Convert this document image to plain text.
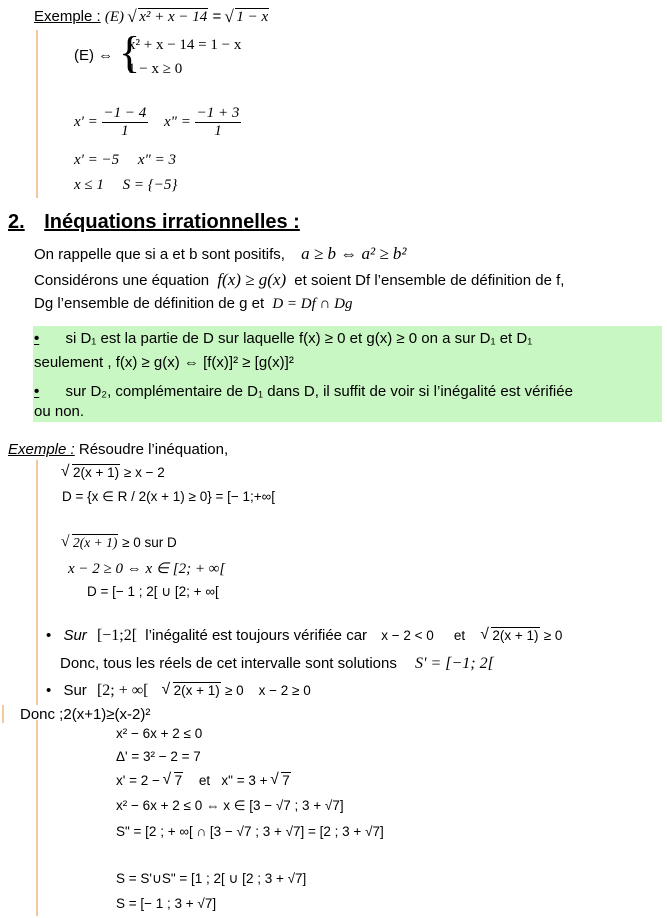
Exemple : (E) √ x² + x − 14 = √ 1 − x
(E) ⇔ {
x² + x − 14 = 1 − x
1 − x ≥ 0
$x' = \frac{-1 - 4}{1} x$" = $\frac{-1 + 3}{1}$
x' = −5     x" = 3
x ≤ 1     S = {−5}
2. Inéquations irrationnelles :
On rappelle que si a et b sont positifs, a ≥ b ⇔ a² ≥ b²
Considérons une équation f(x) ≥ g(x) et soient Df l’ensemble de définition de f,
Dg l’ensemble de définition de g et D = Df ∩ Dg
• si D₁ est la partie de D sur laquelle f(x) ≥ 0 et g(x) ≥ 0 on a sur D₁ et D₁
seulement , f(x) ≥ g(x) ⇔ [f(x)]² ≥ [g(x)]²
• sur D₂, complémentaire de D₁ dans D, il suffit de voir si l’inégalité est vérifiée
ou non.
Exemple : Résoudre l’inéquation,
√ 2(x + 1) ≥ x − 2
D = {x ∈ R / 2(x + 1) ≥ 0} = [− 1;+∞[
√ 2(x + 1) ≥ 0 sur D
x − 2 ≥ 0 ⇔ x ∈ [2; + ∞[
D = [− 1 ; 2[ ∪ [2; + ∞[
• Sur [−1;2[ l’inégalité est toujours vérifiée car x − 2 < 0 et √ 2(x + 1) ≥ 0
Donc, tous les réels de cet intervalle sont solutions S' = [−1; 2[
• Sur [2; + ∞[ √ 2(x + 1) ≥ 0    x − 2 ≥ 0
Donc ;2(x+1)≥(x-2)²
x² − 6x + 2 ≤ 0
Δ' = 3² − 2 = 7
x' = 2 − √ 7 et   x" = 3 + √ 7
x² − 6x + 2 ≤ 0 ⇔ x ∈ [3 − √7 ; 3 + √7]
S" = [2 ; + ∞[ ∩ [3 − √7 ; 3 + √7] = [2 ; 3 + √7]
S = S'∪S" = [1 ; 2[ ∪ [2 ; 3 + √7]
S = [− 1 ; 3 + √7]
